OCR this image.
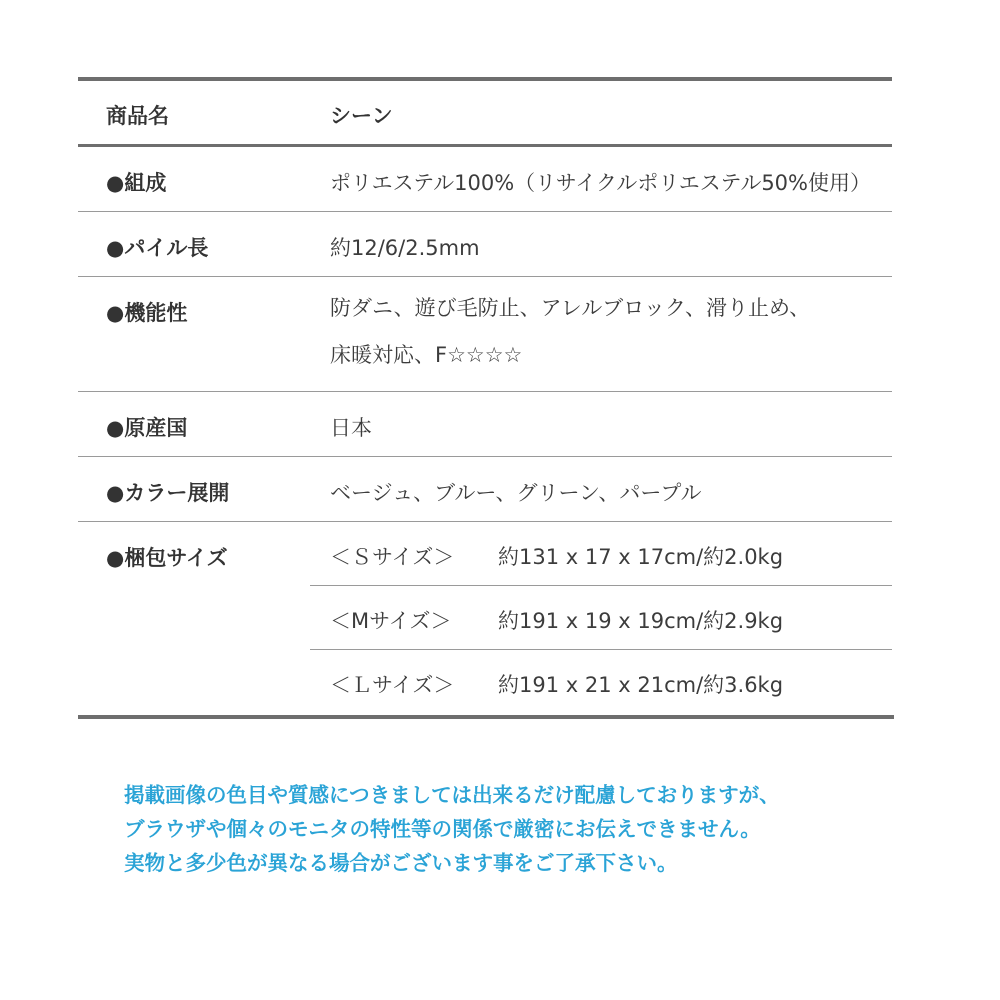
商品名	シーン
●組成	ポリエステル100%（リサイクルポリエステル50%使用）
●パイル長	約12/6/2.5mm
●機能性	防ダニ、遊び毛防止、アレルブロック、滑り止め、
床暖対応、F☆☆☆☆
●原産国	日本
●カラー展開	ベージュ、ブルー、グリーン、パープル
●梱包サイズ	＜Ｓサイズ＞ 約131 x 17 x 17cm/約2.0kg
＜Mサイズ＞ 約191 x 19 x 19cm/約2.9kg
＜Ｌサイズ＞ 約191 x 21 x 21cm/約3.6kg
掲載画像の色目や質感につきましては出来るだけ配慮しておりますが、
ブラウザや個々のモニタの特性等の関係で厳密にお伝えできません。
実物と多少色が異なる場合がございます事をご了承下さい。
